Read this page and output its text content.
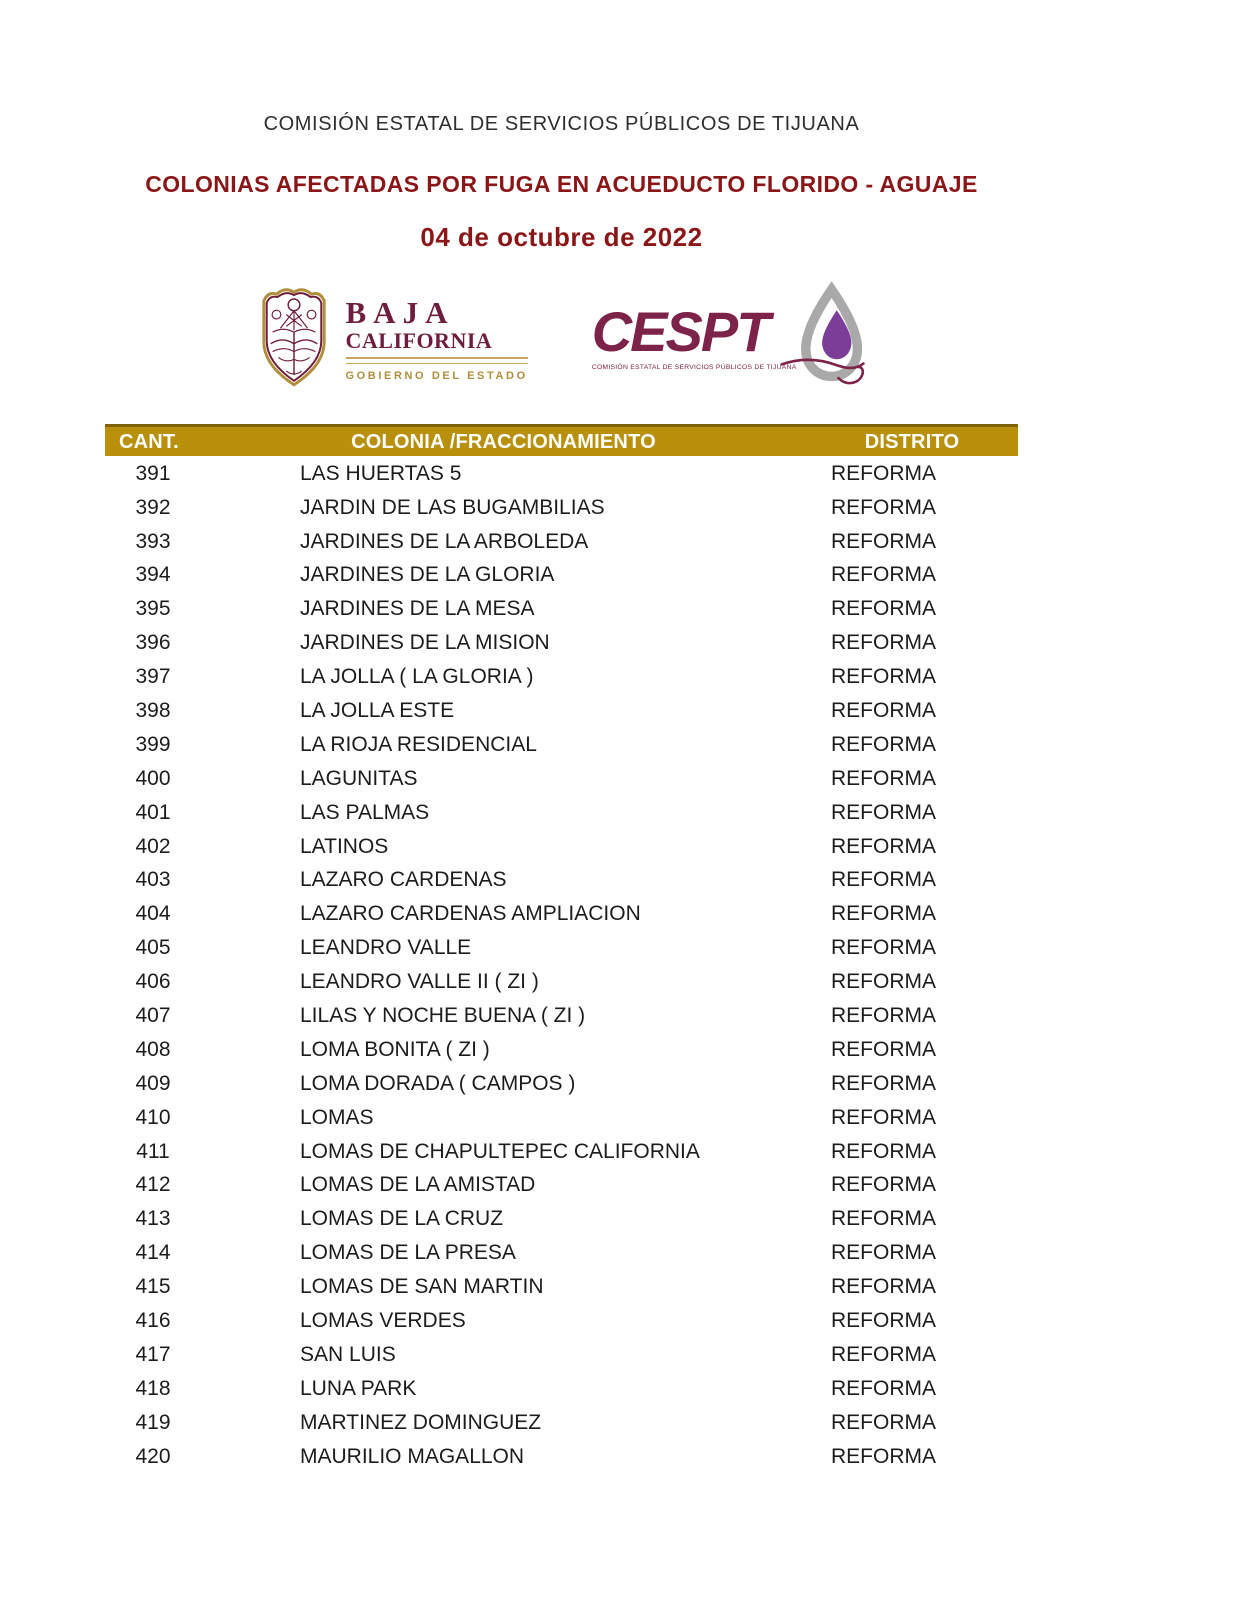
COMISIÓN ESTATAL DE SERVICIOS PÚBLICOS DE TIJUANA
COLONIAS AFECTADAS POR FUGA EN ACUEDUCTO FLORIDO - AGUAJE
04 de octubre de 2022
BAJA
CALIFORNIA
GOBIERNO DEL ESTADO
CESPT
COMISIÓN ESTATAL DE SERVICIOS PÚBLICOS DE TIJUANA
CANT.	COLONIA /FRACCIONAMIENTO	DISTRITO
391	LAS HUERTAS 5	REFORMA
392	JARDIN DE LAS BUGAMBILIAS	REFORMA
393	JARDINES DE LA ARBOLEDA	REFORMA
394	JARDINES DE LA GLORIA	REFORMA
395	JARDINES DE LA MESA	REFORMA
396	JARDINES DE LA MISION	REFORMA
397	LA JOLLA ( LA GLORIA )	REFORMA
398	LA JOLLA ESTE	REFORMA
399	LA RIOJA RESIDENCIAL	REFORMA
400	LAGUNITAS	REFORMA
401	LAS PALMAS	REFORMA
402	LATINOS	REFORMA
403	LAZARO CARDENAS	REFORMA
404	LAZARO CARDENAS AMPLIACION	REFORMA
405	LEANDRO VALLE	REFORMA
406	LEANDRO VALLE II ( ZI )	REFORMA
407	LILAS Y NOCHE BUENA ( ZI )	REFORMA
408	LOMA BONITA ( ZI )	REFORMA
409	LOMA DORADA ( CAMPOS )	REFORMA
410	LOMAS	REFORMA
411	LOMAS DE CHAPULTEPEC CALIFORNIA	REFORMA
412	LOMAS DE LA AMISTAD	REFORMA
413	LOMAS DE LA CRUZ	REFORMA
414	LOMAS DE LA PRESA	REFORMA
415	LOMAS DE SAN MARTIN	REFORMA
416	LOMAS VERDES	REFORMA
417	SAN LUIS	REFORMA
418	LUNA PARK	REFORMA
419	MARTINEZ DOMINGUEZ	REFORMA
420	MAURILIO MAGALLON	REFORMA
